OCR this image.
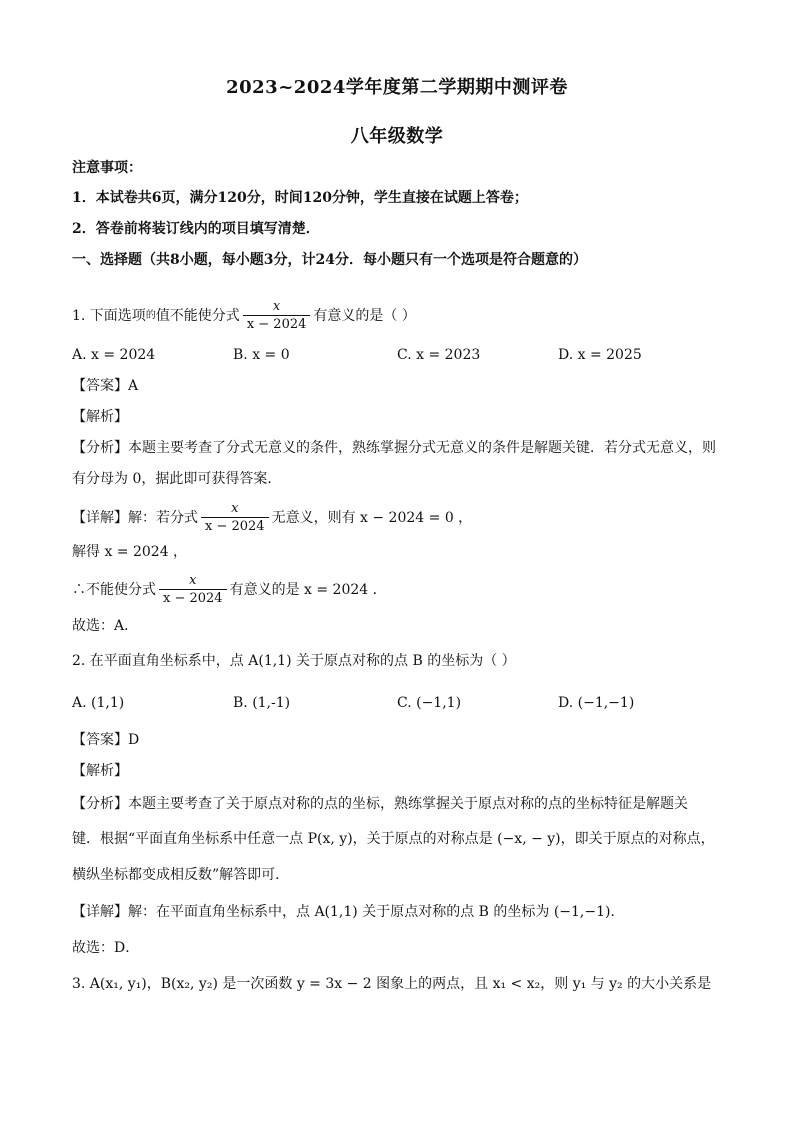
2023~2024学年度第二学期期中测评卷
八年级数学
注意事项：
1．本试卷共6页，满分120分，时间120分钟，学生直接在试题上答卷；
2．答卷前将装订线内的项目填写清楚．
一、选择题（共8小题，每小题3分，计24分．每小题只有一个选项是符合题意的）
1. 下面选项 的 值不能使分式 $\frac{x}{x - 2024}$ 有意义的是（ ）
A. x = 2024	B. x = 0	C. x = 2023	D. x = 2025
【答案】A
【解析】
【分析】本题主要考查了分式无意义的条件，熟练掌握分式无意义的条件是解题关键．若分式无意义，则
有分母为 0，据此即可获得答案．
【详解】解：若分式 $\frac{x}{x - 2024}$ 无意义，则有 x − 2024 = 0 ，
解得 x = 2024 ，
∴不能使分式 $\frac{x}{x - 2024}$ 有意义的是 x = 2024 ．
故选：A．
2. 在平面直角坐标系中，点 A(1,1) 关于原点对称的点 B 的坐标为（ ）
A. (1,1)	B. (1,‑1)	C. (−1,1)	D. (−1,−1)
【答案】D
【解析】
【分析】本题主要考查了关于原点对称的点的坐标，熟练掌握关于原点对称的点的坐标特征是解题关
键．根据“平面直角坐标系中任意一点 P(x, y)，关于原点的对称点是 (−x, − y)，即关于原点的对称点，
横纵坐标都变成相反数”解答即可．
【详解】解：在平面直角坐标系中，点 A(1,1) 关于原点对称的点 B 的坐标为 (−1,−1)．
故选：D．
3. A(x₁, y₁)，B(x₂, y₂) 是一次函数 y = 3x − 2 图象上的两点，且 x₁ < x₂，则 y₁ 与 y₂ 的大小关系是
